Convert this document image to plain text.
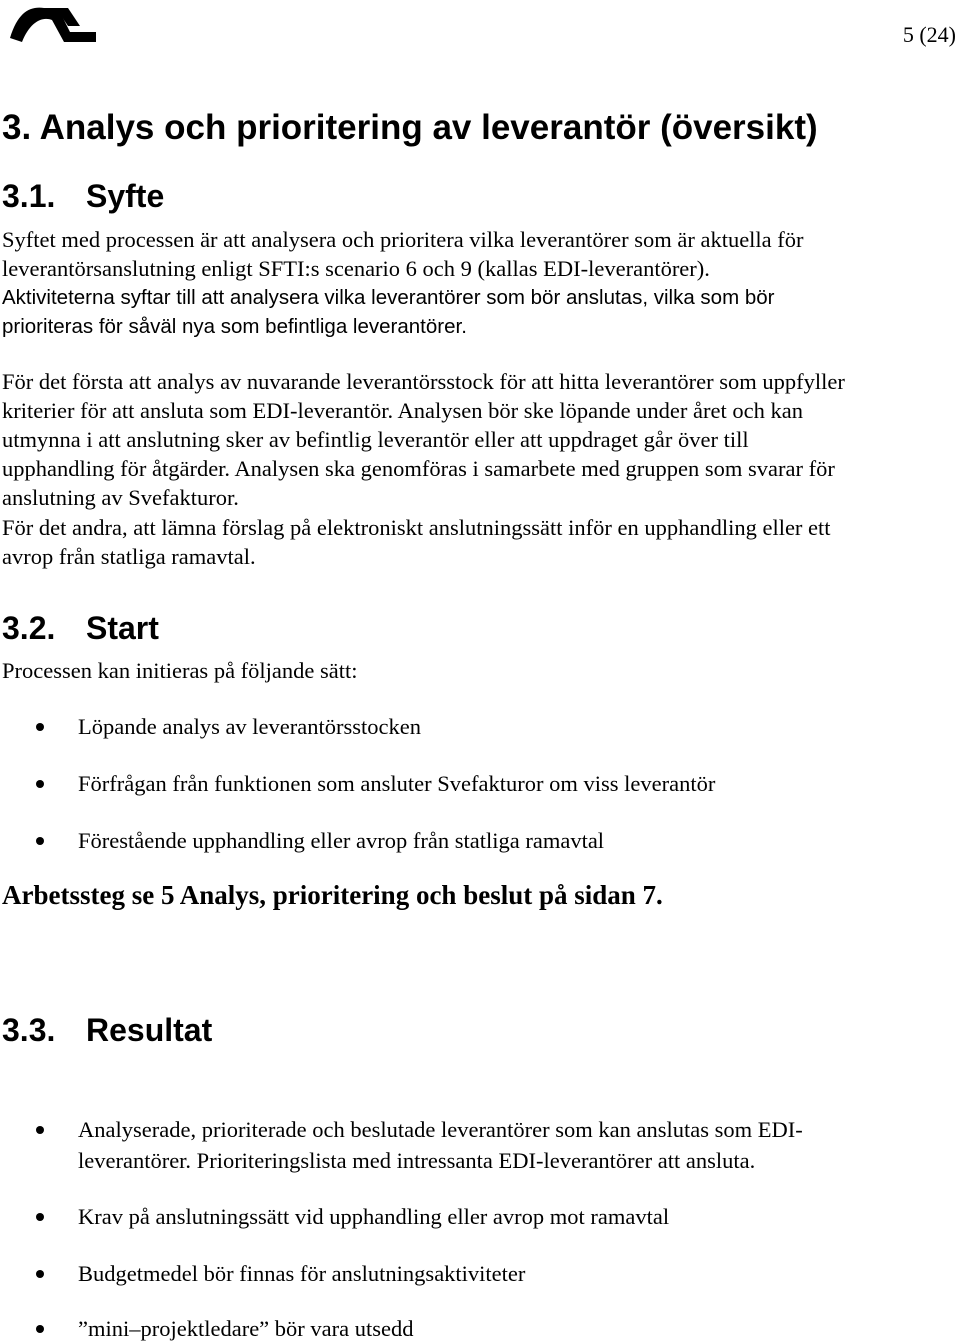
5 (24)
3. Analys och prioritering av leverantör (översikt)
3.1. Syfte
Syftet med processen är att analysera och prioritera vilka leverantörer som är aktuella för
leverantörsanslutning enligt SFTI:s scenario 6 och 9 (kallas EDI-leverantörer).
Aktiviteterna syftar till att analysera vilka leverantörer som bör anslutas, vilka som bör
prioriteras för såväl nya som befintliga leverantörer.
För det första att analys av nuvarande leverantörsstock för att hitta leverantörer som uppfyller
kriterier för att ansluta som EDI-leverantör. Analysen bör ske löpande under året och kan
utmynna i att anslutning sker av befintlig leverantör eller att uppdraget går över till
upphandling för åtgärder. Analysen ska genomföras i samarbete med gruppen som svarar för
anslutning av Svefakturor.
För det andra, att lämna förslag på elektroniskt anslutningssätt inför en upphandling eller ett
avrop från statliga ramavtal.
3.2. Start
Processen kan initieras på följande sätt:
Löpande analys av leverantörsstocken
Förfrågan från funktionen som ansluter Svefakturor om viss leverantör
Förestående upphandling eller avrop från statliga ramavtal
Arbetssteg se 5 Analys, prioritering och beslut på sidan 7.
3.3. Resultat
Analyserade, prioriterade och beslutade leverantörer som kan anslutas som EDI-
leverantörer. Prioriteringslista med intressanta EDI-leverantörer att ansluta.
Krav på anslutningssätt vid upphandling eller avrop mot ramavtal
Budgetmedel bör finnas för anslutningsaktiviteter
”mini–projektledare” bör vara utsedd
